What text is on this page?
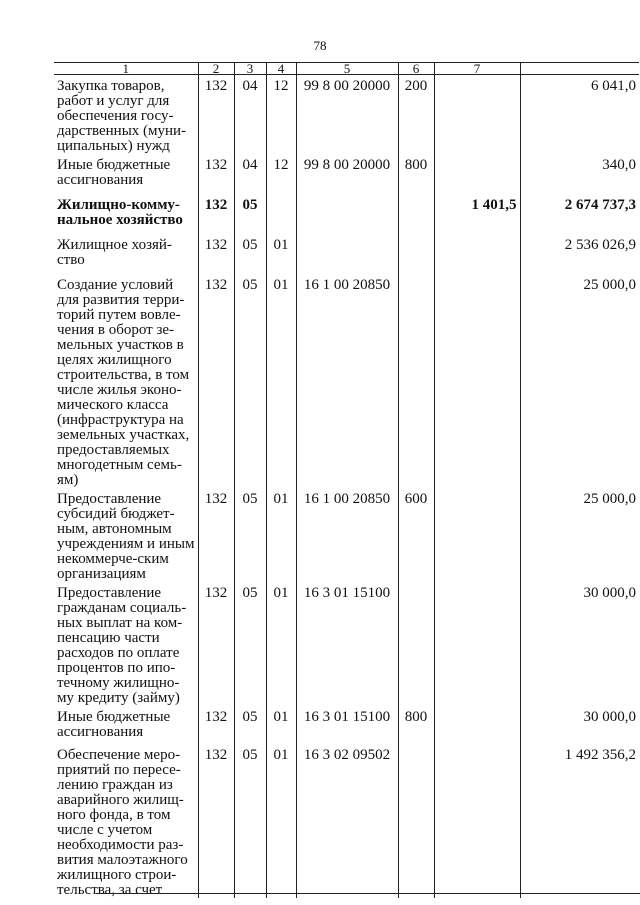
78
1	2	3	4	5	6	7	
Закупка товаров, работ и услуг для обеспечения госу-дарственных (муни-ципальных) нужд	132	04	12	99 8 00 20000	200		6 041,0
Иные бюджетные ассигнования	132	04	12	99 8 00 20000	800		340,0
Жилищно-комму-нальное хозяйство	132	05				1 401,5	2 674 737,3
Жилищное хозяй-ство	132	05	01				2 536 026,9
Создание условий для развития терри-торий путем вовле-чения в оборот зе-мельных участков в целях жилищного строительства, в том числе жилья эконо-мического класса (инфраструктура на земельных участках, предоставляемых многодетным семь-ям)	132	05	01	16 1 00 20850			25 000,0
Предоставление субсидий бюджет-ным, автономным учреждениям и иным некоммерче-ским организациям	132	05	01	16 1 00 20850	600		25 000,0
Предоставление гражданам социаль-ных выплат на ком-пенсацию части расходов по оплате процентов по ипо-течному жилищно-му кредиту (займу)	132	05	01	16 3 01 15100			30 000,0
Иные бюджетные ассигнования	132	05	01	16 3 01 15100	800		30 000,0
Обеспечение меро-приятий по пересе-лению граждан из аварийного жилищ-ного фонда, в том числе с учетом необходимости раз-вития малоэтажного жилищного строи-тельства, за счет	132	05	01	16 3 02 09502			1 492 356,2
